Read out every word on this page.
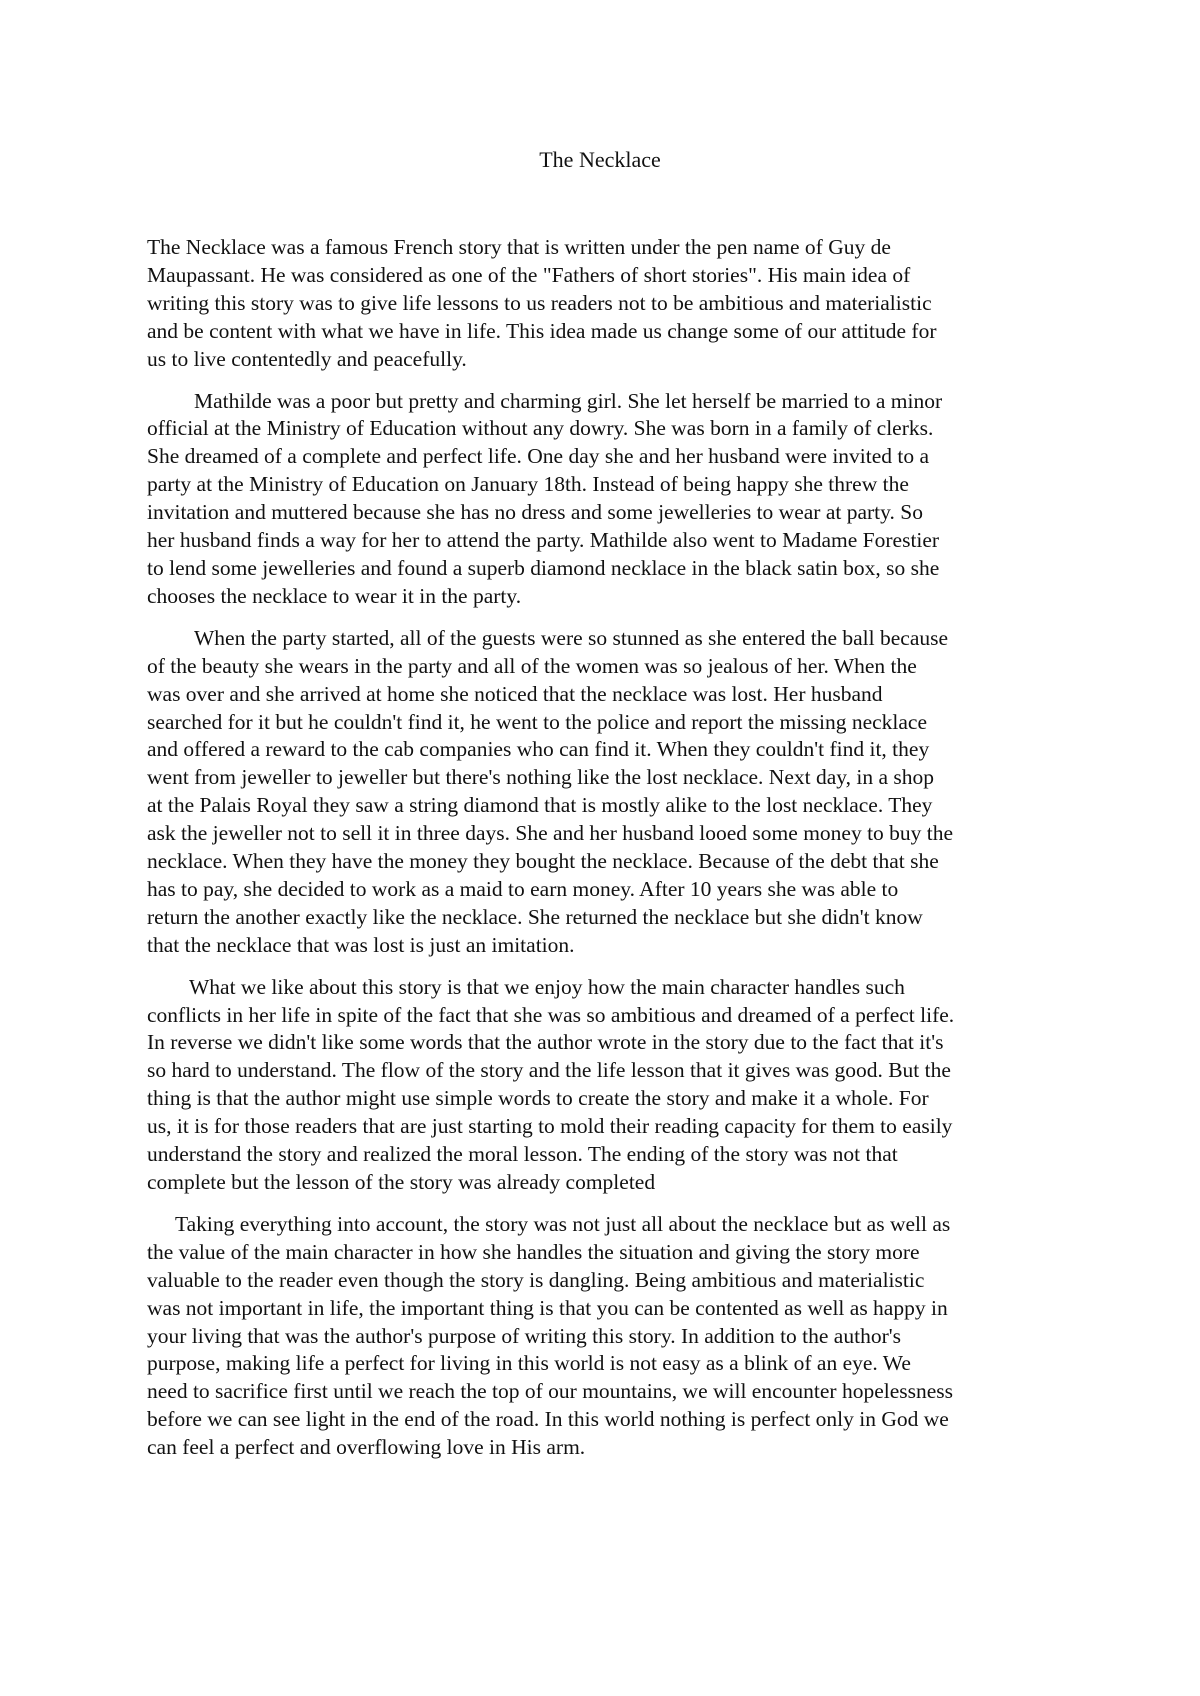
The Necklace

The Necklace was a famous French story that is written under the pen name of Guy de
Maupassant. He was considered as one of the "Fathers of short stories". His main idea of
writing this story was to give life lessons to us readers not to be ambitious and materialistic
and be content with what we have in life. This idea made us change some of our attitude for
us to live contentedly and peacefully.

Mathilde was a poor but pretty and charming girl. She let herself be married to a minor
official at the Ministry of Education without any dowry. She was born in a family of clerks.
She dreamed of a complete and perfect life. One day she and her husband were invited to a
party at the Ministry of Education on January 18th. Instead of being happy she threw the
invitation and muttered because she has no dress and some jewelleries to wear at party. So
her husband finds a way for her to attend the party. Mathilde also went to Madame Forestier
to lend some jewelleries and found a superb diamond necklace in the black satin box, so she
chooses the necklace to wear it in the party.

When the party started, all of the guests were so stunned as she entered the ball because
of the beauty she wears in the party and all of the women was so jealous of her. When the
was over and she arrived at home she noticed that the necklace was lost. Her husband
searched for it but he couldn't find it, he went to the police and report the missing necklace
and offered a reward to the cab companies who can find it. When they couldn't find it, they
went from jeweller to jeweller but there's nothing like the lost necklace. Next day, in a shop
at the Palais Royal they saw a string diamond that is mostly alike to the lost necklace. They
ask the jeweller not to sell it in three days. She and her husband looed some money to buy the
necklace. When they have the money they bought the necklace. Because of the debt that she
has to pay, she decided to work as a maid to earn money. After 10 years she was able to
return the another exactly like the necklace. She returned the necklace but she didn't know
that the necklace that was lost is just an imitation.

What we like about this story is that we enjoy how the main character handles such
conflicts in her life in spite of the fact that she was so ambitious and dreamed of a perfect life.
In reverse we didn't like some words that the author wrote in the story due to the fact that it's
so hard to understand. The flow of the story and the life lesson that it gives was good. But the
thing is that the author might use simple words to create the story and make it a whole. For
us, it is for those readers that are just starting to mold their reading capacity for them to easily
understand the story and realized the moral lesson. The ending of the story was not that
complete but the lesson of the story was already completed

Taking everything into account, the story was not just all about the necklace but as well as
the value of the main character in how she handles the situation and giving the story more
valuable to the reader even though the story is dangling. Being ambitious and materialistic
was not important in life, the important thing is that you can be contented as well as happy in
your living that was the author's purpose of writing this story. In addition to the author's
purpose, making life a perfect for living in this world is not easy as a blink of an eye. We
need to sacrifice first until we reach the top of our mountains, we will encounter hopelessness
before we can see light in the end of the road. In this world nothing is perfect only in God we
can feel a perfect and overflowing love in His arm.
